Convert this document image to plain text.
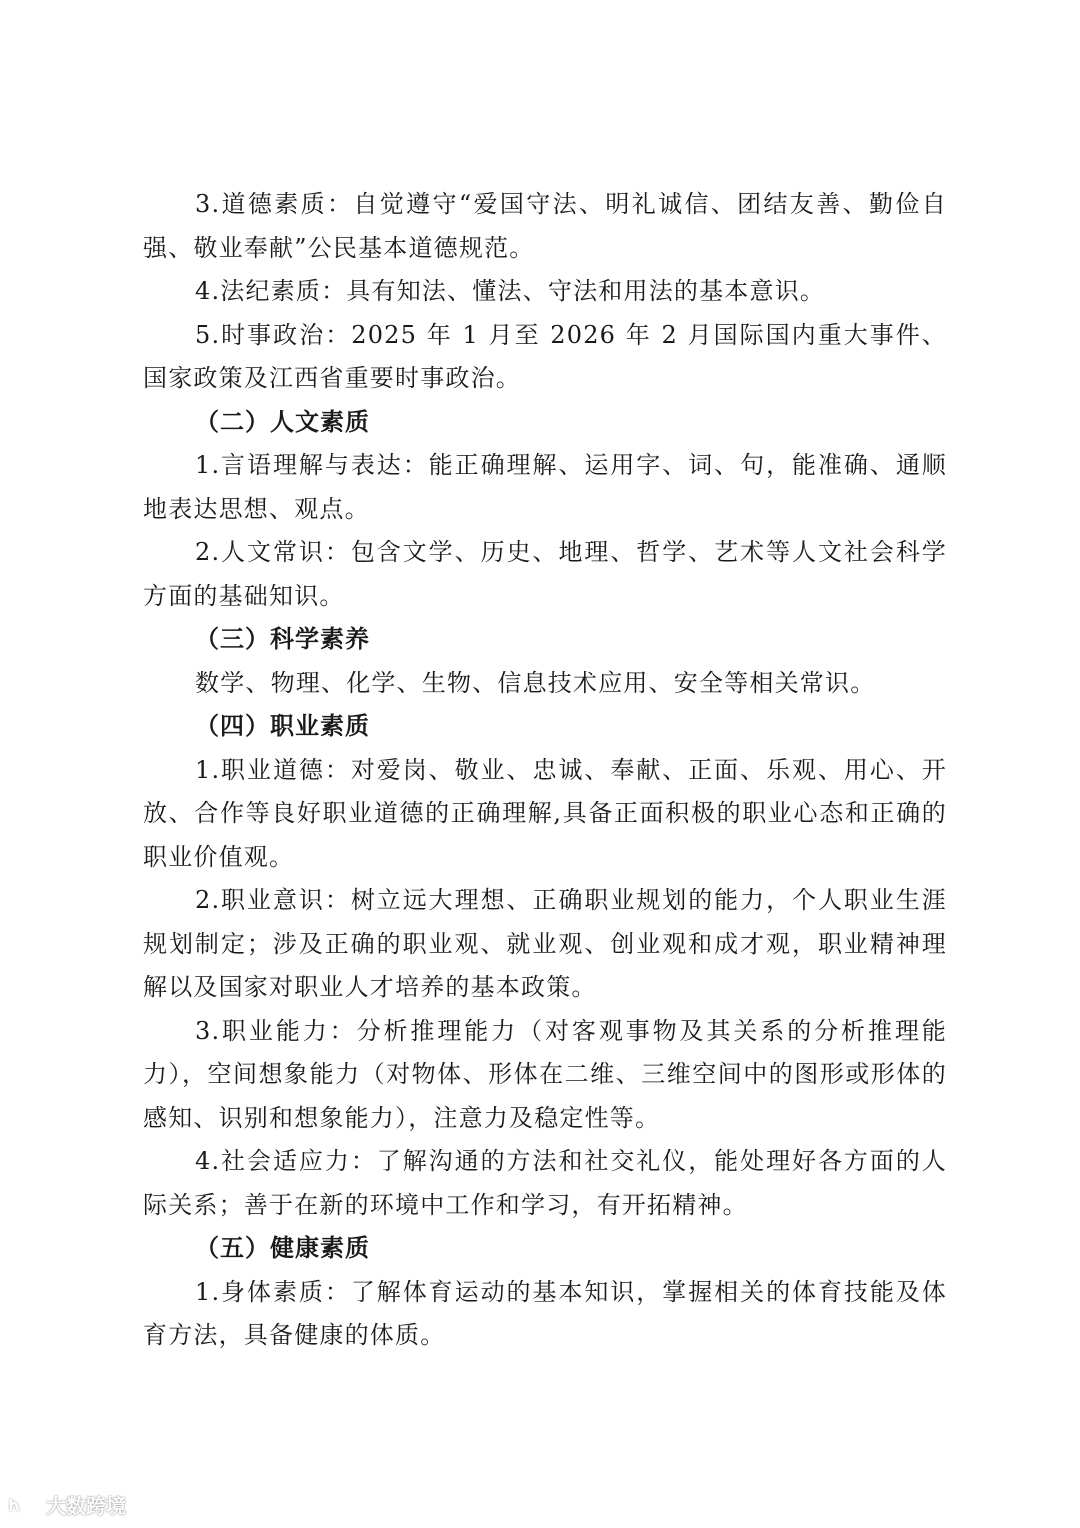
3.道德素质：自觉遵守“爱国守法、明礼诚信、团结友善、勤俭自强、敬业奉献”公民基本道德规范。

4.法纪素质：具有知法、懂法、守法和用法的基本意识。

5.时事政治：2025 年 1 月至 2026 年 2 月国际国内重大事件、国家政策及江西省重要时事政治。

（二）人文素质

1.言语理解与表达：能正确理解、运用字、词、句，能准确、通顺地表达思想、观点。

2.人文常识：包含文学、历史、地理、哲学、艺术等人文社会科学方面的基础知识。

（三）科学素养

数学、物理、化学、生物、信息技术应用、安全等相关常识。

（四）职业素质

1.职业道德：对爱岗、敬业、忠诚、奉献、正面、乐观、用心、开放、合作等良好职业道德的正确理解,具备正面积极的职业心态和正确的职业价值观。

2.职业意识：树立远大理想、正确职业规划的能力，个人职业生涯规划制定；涉及正确的职业观、就业观、创业观和成才观，职业精神理解以及国家对职业人才培养的基本政策。

3.职业能力：分析推理能力（对客观事物及其关系的分析推理能力），空间想象能力（对物体、形体在二维、三维空间中的图形或形体的感知、识别和想象能力），注意力及稳定性等。

4.社会适应力：了解沟通的方法和社交礼仪，能处理好各方面的人际关系；善于在新的环境中工作和学习，有开拓精神。

（五）健康素质

1.身体素质：了解体育运动的基本知识，掌握相关的体育技能及体育方法，具备健康的体质。

大数跨境
